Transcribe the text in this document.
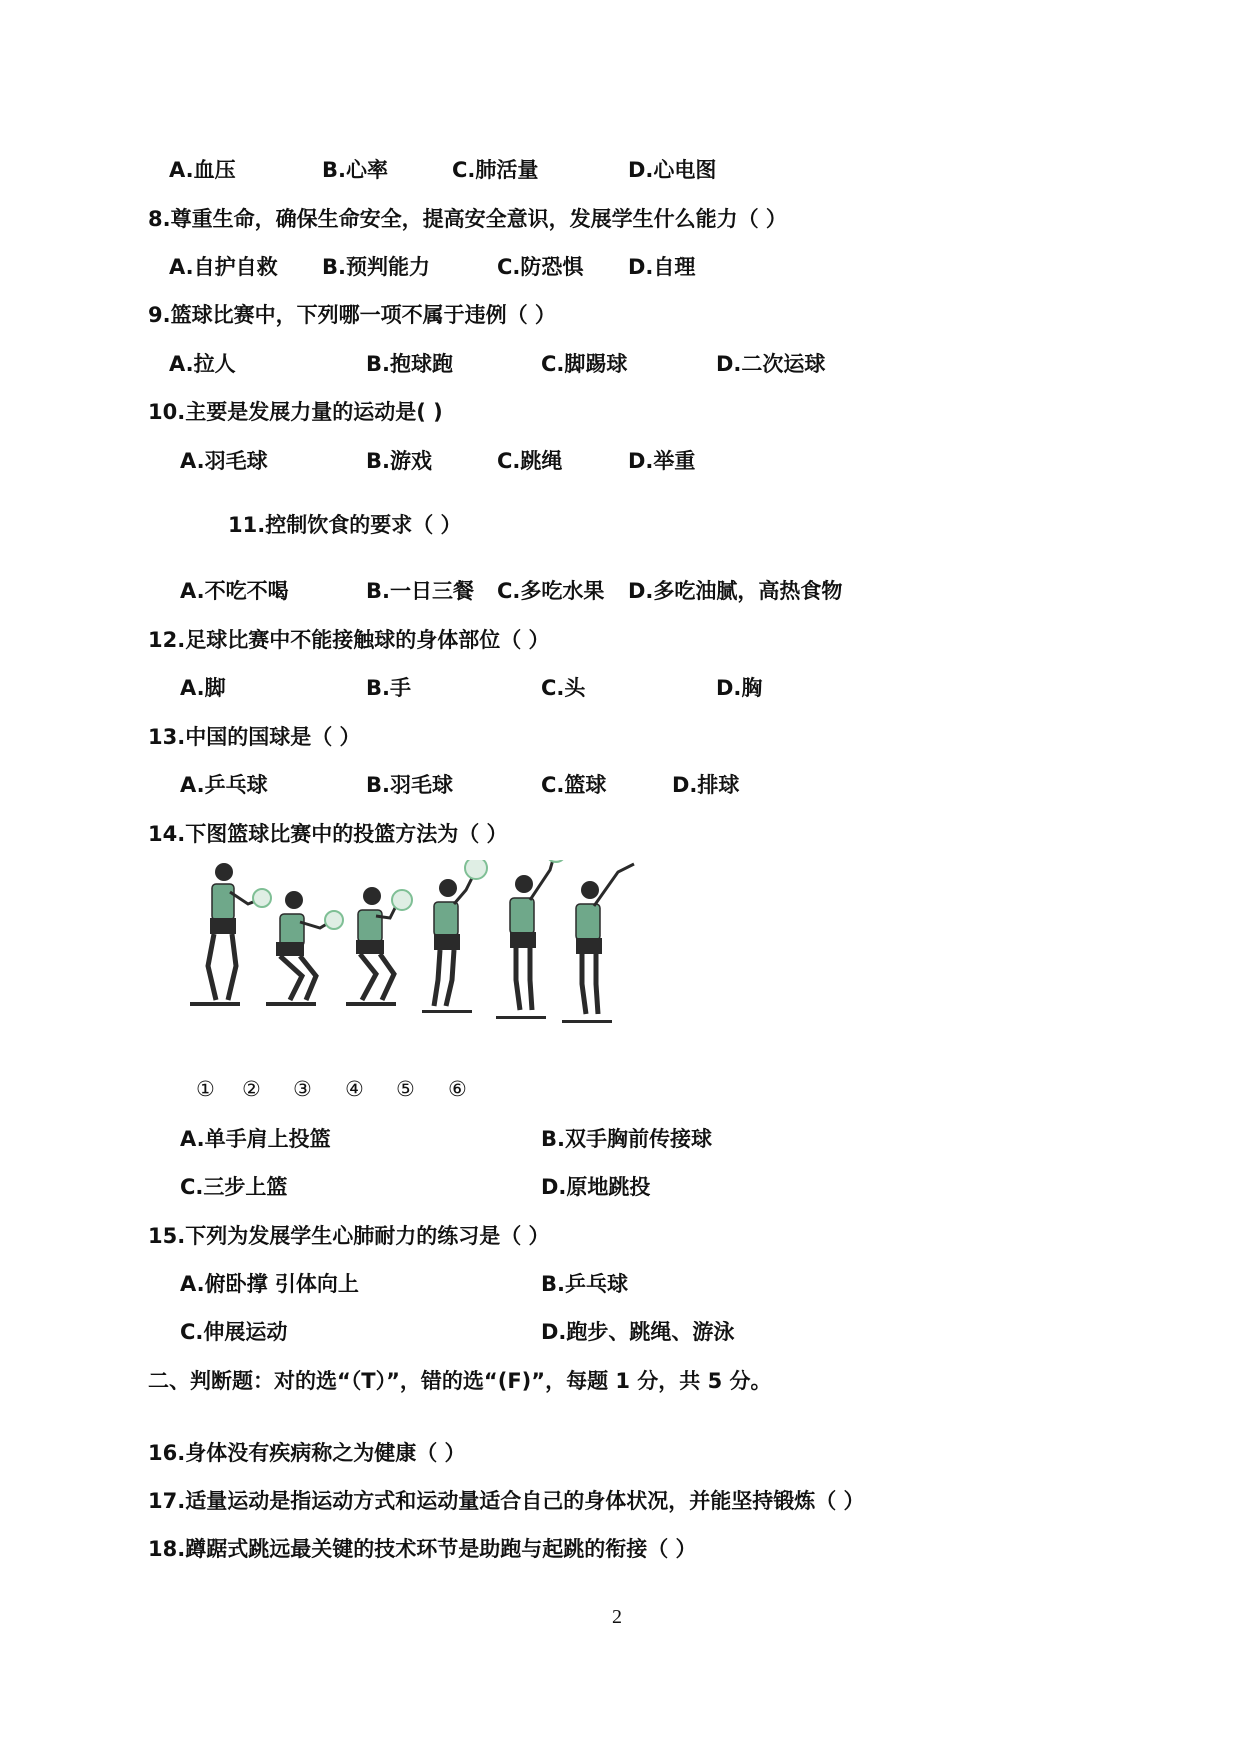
A.血压	B.心率	C.肺活量	D.心电图
8.尊重生命，确保生命安全，提高安全意识，发展学生什么能力（ ）
A.自护自救 B.预判能力	C.防恐惧 D.自理
9.篮球比赛中，下列哪一项不属于违例（ ）
A.拉人	B.抱球跑	C.脚踢球	D.二次运球
10.主要是发展力量的运动是( )
A.羽毛球	B.游戏	C.跳绳	D.举重
11.控制饮食的要求（ ）
A.不吃不喝	B.一日三餐 C.多吃水果 D.多吃油腻，高热食物
12.足球比赛中不能接触球的身体部位（ ）
A.脚	B.手	C.头	D.胸
13.中国的国球是（ ）
A.乒乓球	B.羽毛球	C.篮球	D.排球
14.下图篮球比赛中的投篮方法为（ ）
① ② ③ ④ ⑤ ⑥
A.单手肩上投篮	B.双手胸前传接球
C.三步上篮	D.原地跳投
15.下列为发展学生心肺耐力的练习是（ ）
A.俯卧撑 引体向上	B.乒乓球
C.伸展运动	D.跑步、跳绳、游泳
二、判断题：对的选“（T）”，错的选“(F)”，每题 1 分，共 5 分。
16.身体没有疾病称之为健康（ ）
17.适量运动是指运动方式和运动量适合自己的身体状况，并能坚持锻炼（ ）
18.蹲踞式跳远最关键的技术环节是助跑与起跳的衔接（ ）
2
